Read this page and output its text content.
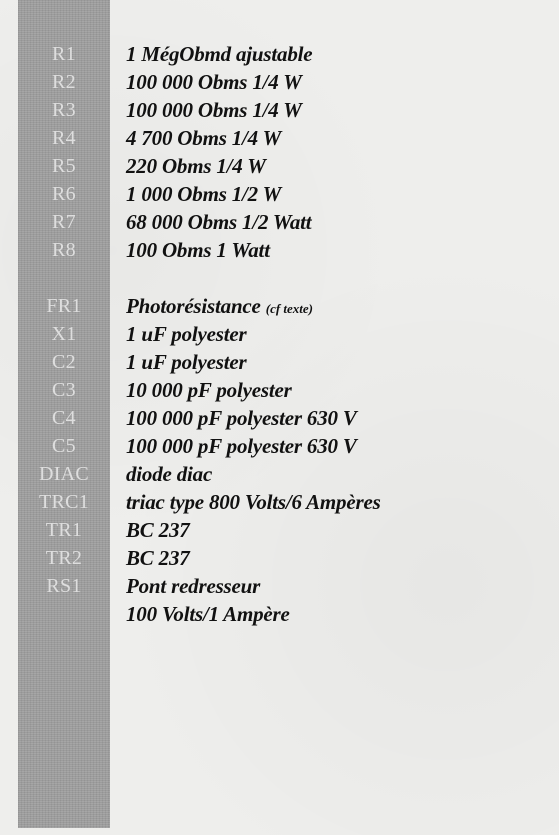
R1	1 MégObmd ajustable
R2	100 000 Obms 1/4 W
R3	100 000 Obms 1/4 W
R4	4 700 Obms 1/4 W
R5	220 Obms 1/4 W
R6	1 000 Obms 1/2 W
R7	68 000 Obms 1/2 Watt
R8	100 Obms 1 Watt
FR1	Photorésistance (cf texte)
X1	1 uF polyester
C2	1 uF polyester
C3	10 000 pF polyester
C4	100 000 pF polyester 630 V
C5	100 000 pF polyester 630 V
DIAC	diode diac
TRC1	triac type 800 Volts/6 Ampères
TR1	BC 237
TR2	BC 237
RS1	Pont redresseur
100 Volts/1 Ampère
